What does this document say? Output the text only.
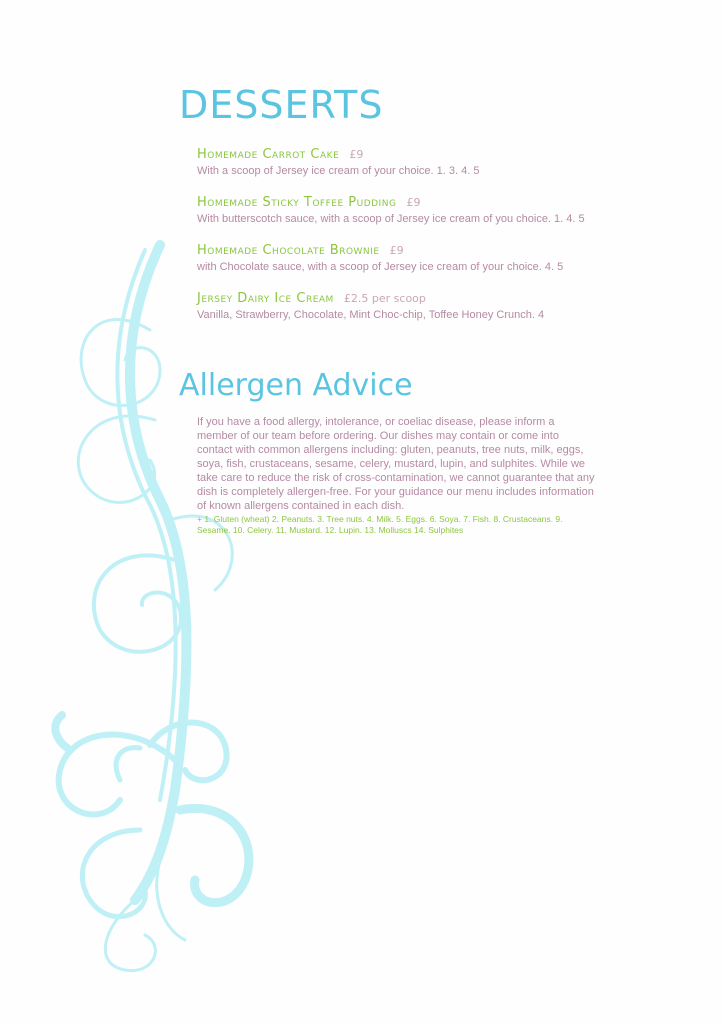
DESSERTS
Homemade Carrot Cake £9
With a scoop of Jersey ice cream of your choice. 1. 3. 4. 5
Homemade Sticky Toffee Pudding £9
With butterscotch sauce, with a scoop of Jersey ice cream of you choice. 1. 4. 5
Homemade Chocolate Brownie £9
with Chocolate sauce, with a scoop of Jersey ice cream of your choice. 4. 5
Jersey Dairy Ice Cream £2.5 per scoop
Vanilla, Strawberry, Chocolate, Mint Choc-chip, Toffee Honey Crunch. 4
Allergen Advice
If you have a food allergy, intolerance, or coeliac disease, please inform a member of our team before ordering. Our dishes may contain or come into contact with common allergens including: gluten, peanuts, tree nuts, milk, eggs, soya, fish, crustaceans, sesame, celery, mustard, lupin, and sulphites. While we take care to reduce the risk of cross-contamination, we cannot guarantee that any dish is completely allergen-free. For your guidance our menu includes information of known allergens contained in each dish.
+ 1. Gluten (wheat) 2. Peanuts. 3. Tree nuts. 4. Milk. 5. Eggs. 6. Soya. 7. Fish. 8. Crustaceans. 9. Sesame. 10. Celery. 11. Mustard. 12. Lupin. 13. Molluscs 14. Sulphites
